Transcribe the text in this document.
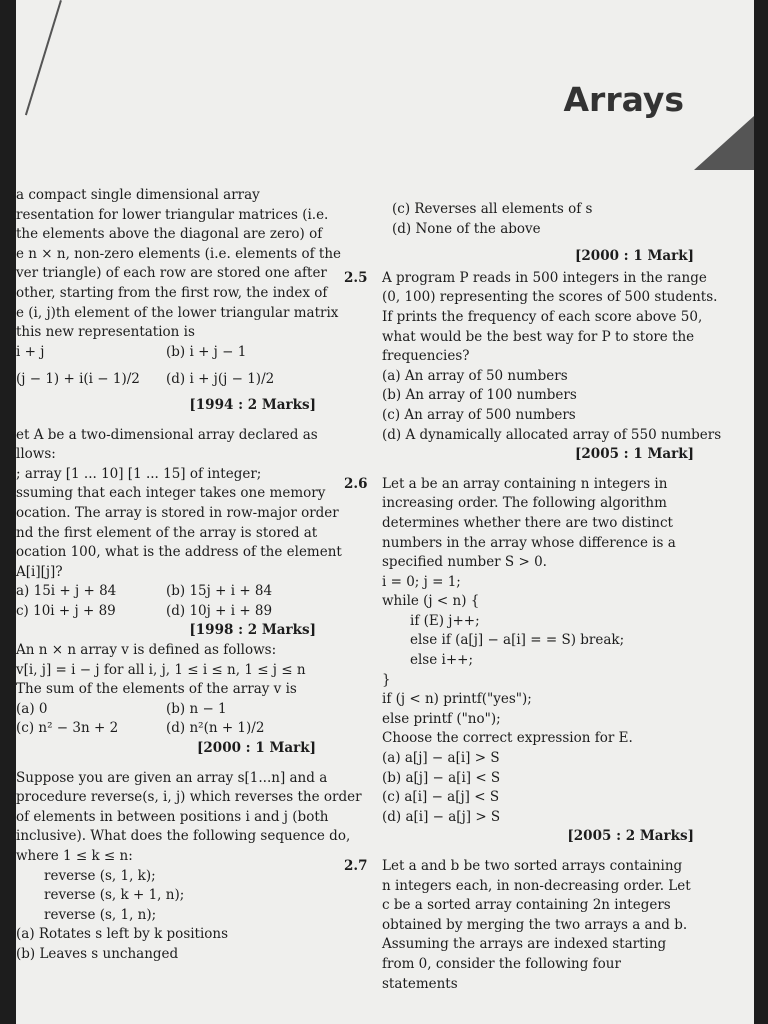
Arrays
a compact single dimensional array
resentation for lower triangular matrices (i.e.
the elements above the diagonal are zero) of
e n × n, non-zero elements (i.e. elements of the
ver triangle) of each row are stored one after
other, starting from the first row, the index of
e (i, j)th element of the lower triangular matrix
this new representation is
i + j	(b) i + j − 1
(j − 1) + i(i − 1)/2	(d) i + j(j − 1)/2
[1994 : 2 Marks]
et A be a two-dimensional array declared as
llows:
; array [1 ... 10] [1 ... 15] of integer;
ssuming that each integer takes one memory
ocation. The array is stored in row-major order
nd the first element of the array is stored at
ocation 100, what is the address of the element
A[i][j]?
a) 15i + j + 84	(b) 15j + i + 84
c) 10i + j + 89	(d) 10j + i + 89
[1998 : 2 Marks]
An n × n array v is defined as follows:
v[i, j] = i − j for all i, j, 1 ≤ i ≤ n, 1 ≤ j ≤ n
The sum of the elements of the array v is
(a) 0	(b) n − 1
(c) n² − 3n + 2	(d) n²(n + 1)/2
[2000 : 1 Mark]
Suppose you are given an array s[1...n] and a
procedure reverse(s, i, j) which reverses the order
of elements in between positions i and j (both
inclusive). What does the following sequence do,
where 1 ≤ k ≤ n:
reverse (s, 1, k);
reverse (s, k + 1, n);
reverse (s, 1, n);
(a) Rotates s left by k positions
(b) Leaves s unchanged
(c) Reverses all elements of s
(d) None of the above
[2000 : 1 Mark]
2.5	A program P reads in 500 integers in the range (0, 100) representing the scores of 500 students. If prints the frequency of each score above 50, what would be the best way for P to store the frequencies?
(a) An array of 50 numbers
(b) An array of 100 numbers
(c) An array of 500 numbers
(d) A dynamically allocated array of 550 numbers
[2005 : 1 Mark]
2.6	Let a be an array containing n integers in increasing order. The following algorithm determines whether there are two distinct numbers in the array whose difference is a specified number S > 0.
i = 0; j = 1;
while (j < n) {
if (E) j++;
else if (a[j] − a[i] = = S) break;
else i++;
}
if (j < n) printf("yes");
else printf ("no");
Choose the correct expression for E.
(a) a[j] − a[i] > S
(b) a[j] − a[i] < S
(c) a[i] − a[j] < S
(d) a[i] − a[j] > S
[2005 : 2 Marks]
2.7	Let a and b be two sorted arrays containing n integers each, in non-decreasing order. Let c be a sorted array containing 2n integers obtained by merging the two arrays a and b. Assuming the arrays are indexed starting from 0, consider the following four statements
